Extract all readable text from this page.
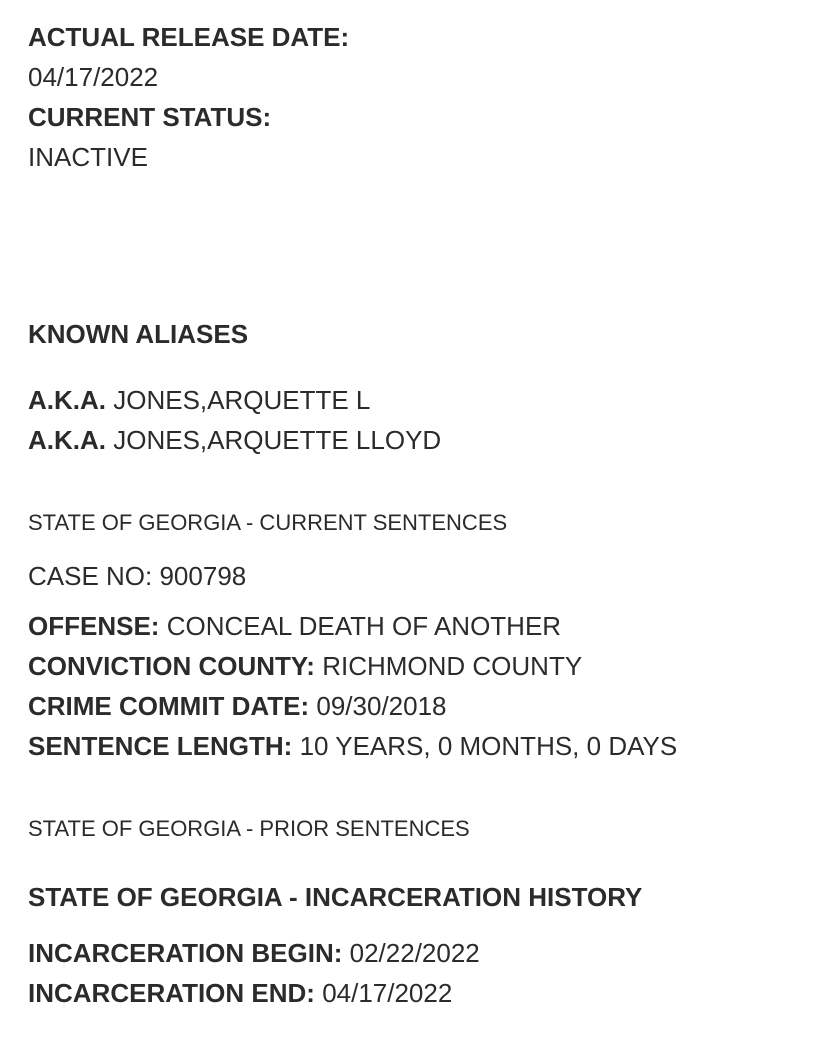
ACTUAL RELEASE DATE:
04/17/2022
CURRENT STATUS:
INACTIVE
KNOWN ALIASES
A.K.A. JONES,ARQUETTE L
A.K.A. JONES,ARQUETTE LLOYD
STATE OF GEORGIA - CURRENT SENTENCES
CASE NO: 900798
OFFENSE: CONCEAL DEATH OF ANOTHER
CONVICTION COUNTY: RICHMOND COUNTY
CRIME COMMIT DATE: 09/30/2018
SENTENCE LENGTH: 10 YEARS, 0 MONTHS, 0 DAYS
STATE OF GEORGIA - PRIOR SENTENCES
STATE OF GEORGIA - INCARCERATION HISTORY
INCARCERATION BEGIN: 02/22/2022
INCARCERATION END: 04/17/2022
